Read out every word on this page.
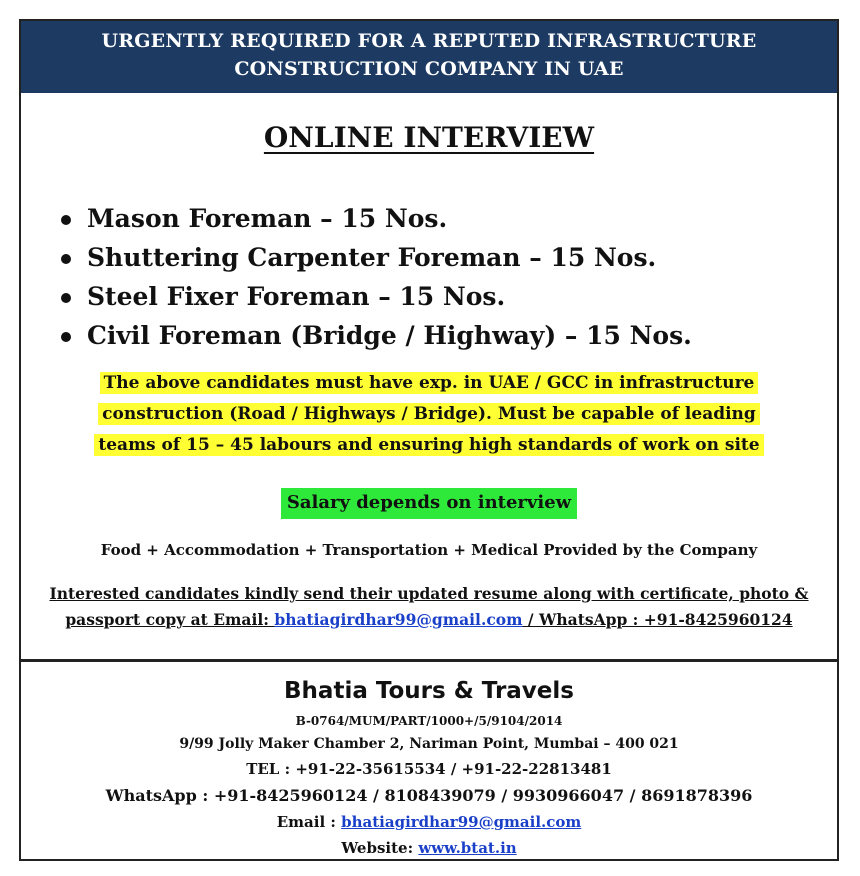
URGENTLY REQUIRED FOR A REPUTED INFRASTRUCTURE
CONSTRUCTION COMPANY IN UAE
ONLINE INTERVIEW
Mason Foreman – 15 Nos.
Shuttering Carpenter Foreman – 15 Nos.
Steel Fixer Foreman – 15 Nos.
Civil Foreman (Bridge / Highway) – 15 Nos.
The above candidates must have exp. in UAE / GCC in infrastructure
construction (Road / Highways / Bridge). Must be capable of leading
teams of 15 – 45 labours and ensuring high standards of work on site
Salary depends on interview
Food + Accommodation + Transportation + Medical Provided by the Company
Interested candidates kindly send their updated resume along with certificate, photo &
passport copy at Email: bhatiagirdhar99@gmail.com / WhatsApp : +91-8425960124
Bhatia Tours & Travels
B-0764/MUM/PART/1000+/5/9104/2014
9/99 Jolly Maker Chamber 2, Nariman Point, Mumbai – 400 021
TEL : +91-22-35615534 / +91-22-22813481
WhatsApp : +91-8425960124 / 8108439079 / 9930966047 / 8691878396
Email : bhatiagirdhar99@gmail.com
Website: www.btat.in
